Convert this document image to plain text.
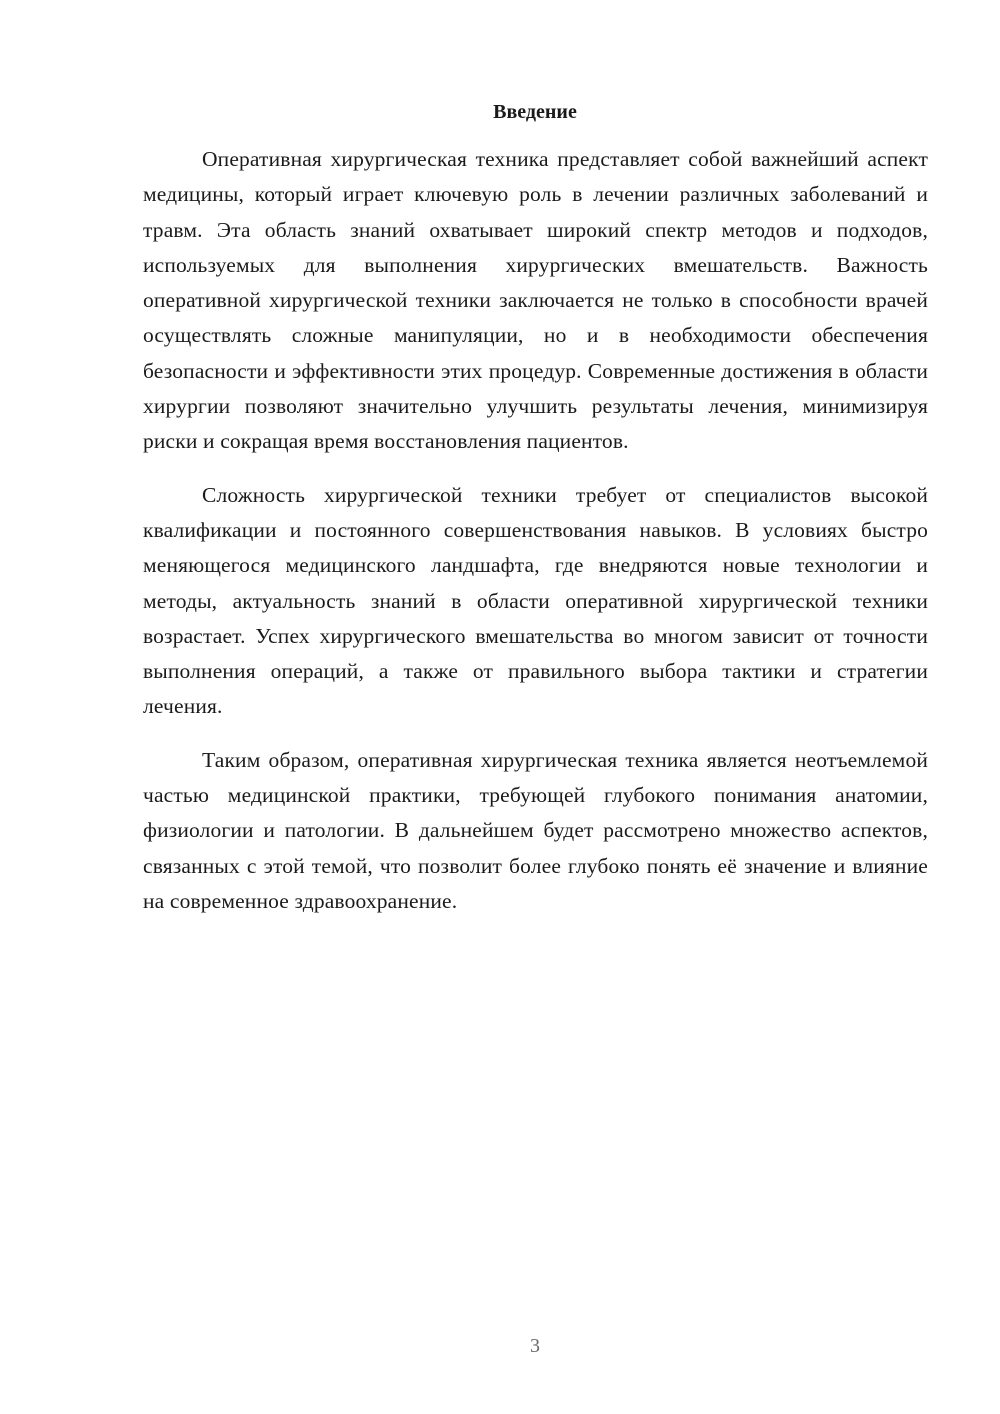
Введение

Оперативная хирургическая техника представляет собой важнейший аспект медицины, который играет ключевую роль в лечении различных заболеваний и травм. Эта область знаний охватывает широкий спектр методов и подходов, используемых для выполнения хирургических вмешательств. Важность оперативной хирургической техники заключается не только в способности врачей осуществлять сложные манипуляции, но и в необходимости обеспечения безопасности и эффективности этих процедур. Современные достижения в области хирургии позволяют значительно улучшить результаты лечения, минимизируя риски и сокращая время восстановления пациентов.

Сложность хирургической техники требует от специалистов высокой квалификации и постоянного совершенствования навыков. В условиях быстро меняющегося медицинского ландшафта, где внедряются новые технологии и методы, актуальность знаний в области оперативной хирургической техники возрастает. Успех хирургического вмешательства во многом зависит от точности выполнения операций, а также от правильного выбора тактики и стратегии лечения.

Таким образом, оперативная хирургическая техника является неотъемлемой частью медицинской практики, требующей глубокого понимания анатомии, физиологии и патологии. В дальнейшем будет рассмотрено множество аспектов, связанных с этой темой, что позволит более глубоко понять её значение и влияние на современное здравоохранение.

3
